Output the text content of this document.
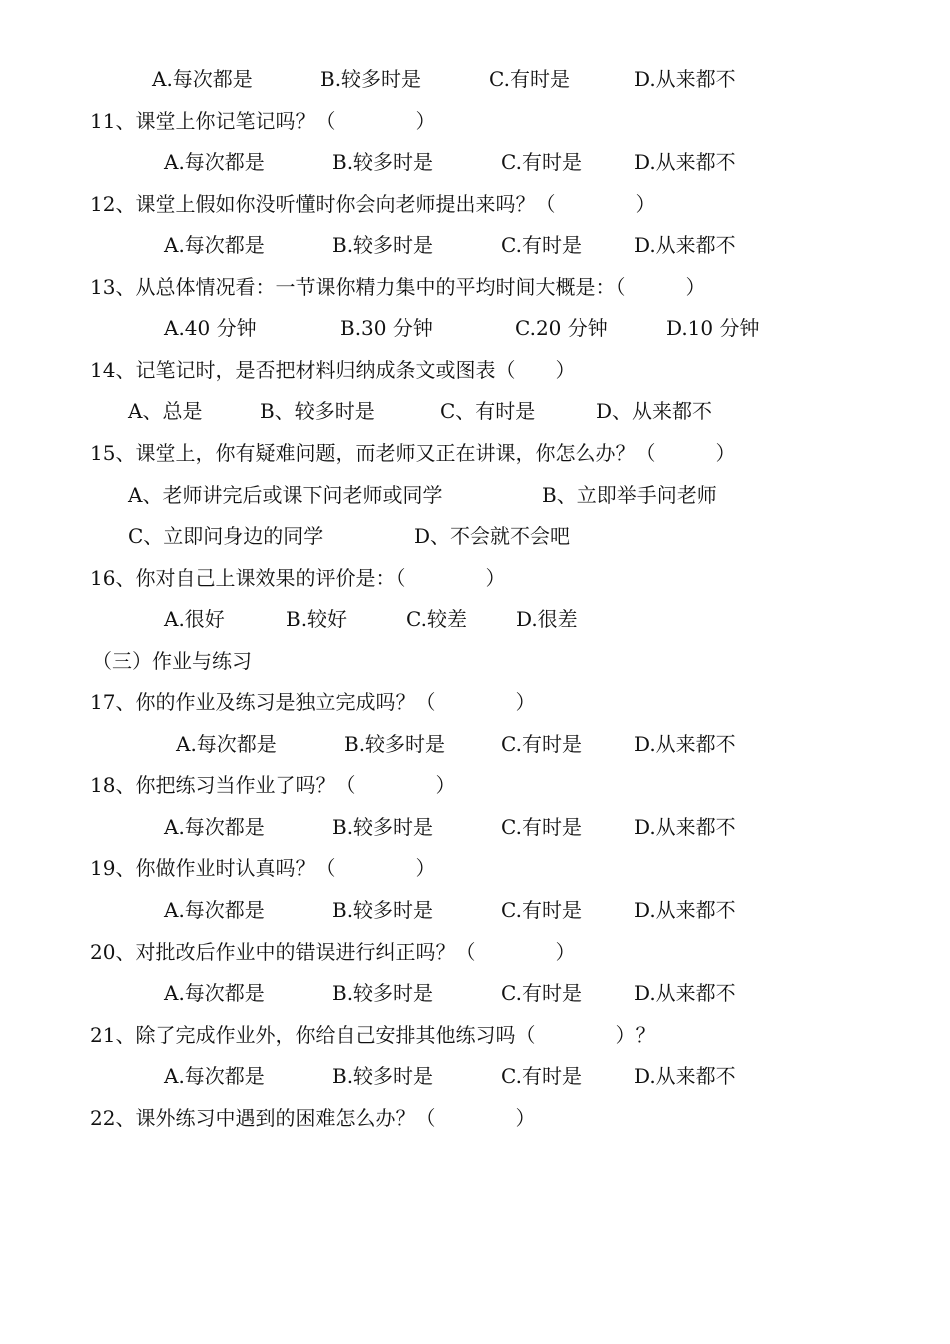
A.每次都是	B.较多时是	C.有时是	D.从来都不
11、课堂上你记笔记吗？（　　　　）
A.每次都是	B.较多时是	C.有时是	D.从来都不
12、课堂上假如你没听懂时你会向老师提出来吗？（　　　　）
A.每次都是	B.较多时是	C.有时是	D.从来都不
13、从总体情况看：一节课你精力集中的平均时间大概是：（　　　）
A.40 分钟	B.30 分钟	C.20 分钟	D.10 分钟
14、记笔记时，是否把材料归纳成条文或图表（　　）
A、总是	B、较多时是	C、有时是	D、从来都不
15、课堂上，你有疑难问题，而老师又正在讲课，你怎么办？（　　　）
A、老师讲完后或课下问老师或同学	B、立即举手问老师
C、立即问身边的同学	D、不会就不会吧
16、你对自己上课效果的评价是：（　　　　）
A.很好	B.较好	C.较差 D.很差
（三）作业与练习
17、你的作业及练习是独立完成吗？（　　　　）
A.每次都是	B.较多时是	C.有时是	D.从来都不
18、你把练习当作业了吗？（　　　　）
A.每次都是	B.较多时是	C.有时是	D.从来都不
19、你做作业时认真吗？（　　　　）
A.每次都是	B.较多时是	C.有时是	D.从来都不
20、对批改后作业中的错误进行纠正吗？（　　　　）
A.每次都是	B.较多时是	C.有时是	D.从来都不
21、除了完成作业外，你给自己安排其他练习吗（　　　　）？
A.每次都是	B.较多时是	C.有时是	D.从来都不
22、课外练习中遇到的困难怎么办？（　　　　）
